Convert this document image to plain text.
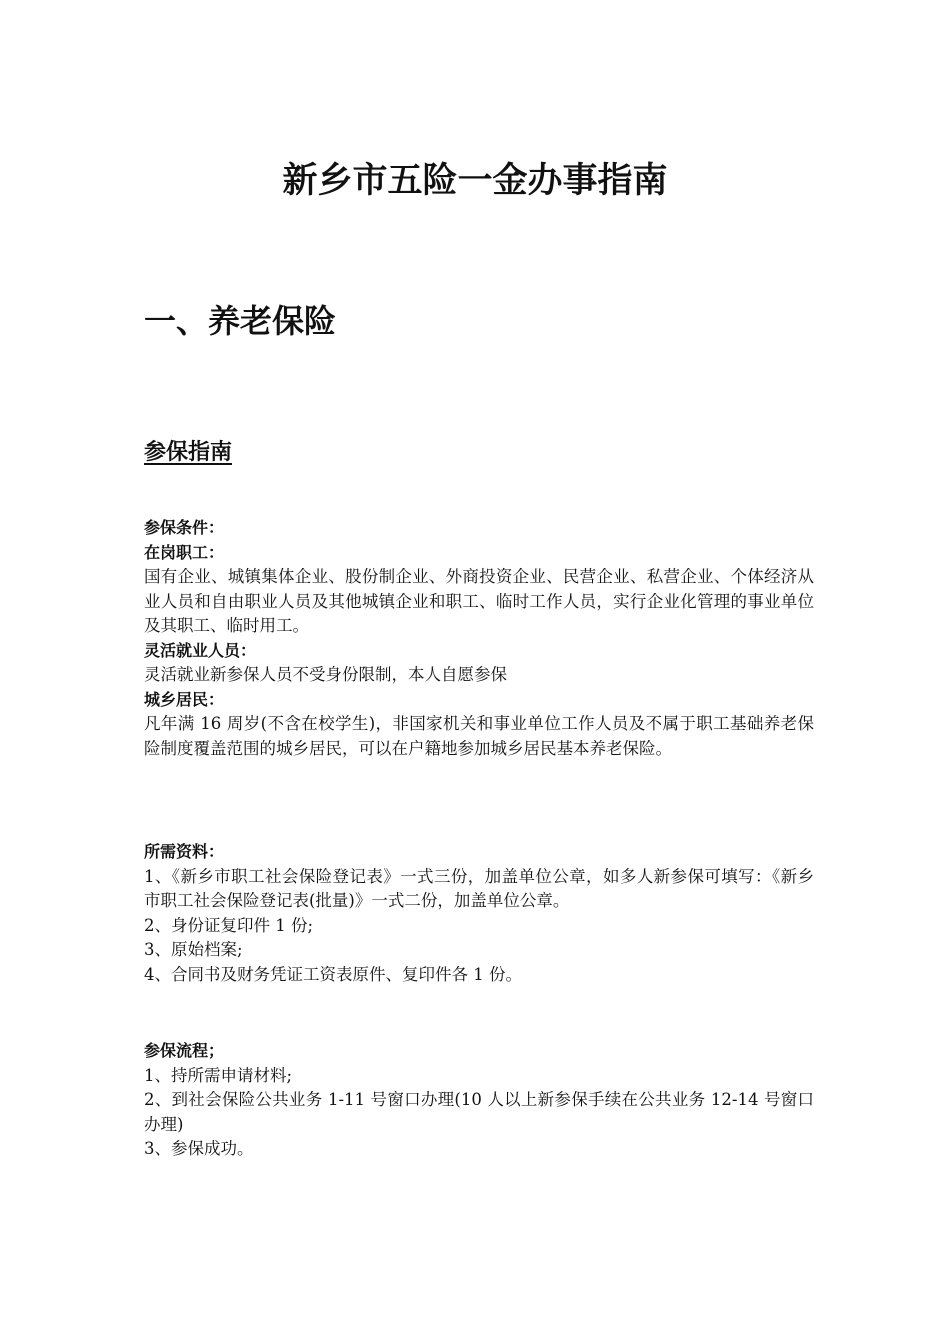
新乡市五险一金办事指南
一、养老保险
参保指南

参保条件：

在岗职工：

国有企业、城镇集体企业、股份制企业、外商投资企业、民营企业、私营企业、个体经济从业人员和自由职业人员及其他城镇企业和职工、临时工作人员，实行企业化管理的事业单位及其职工、临时用工。

灵活就业人员：

灵活就业新参保人员不受身份限制，本人自愿参保

城乡居民：

凡年满 16 周岁(不含在校学生)，非国家机关和事业单位工作人员及不属于职工基础养老保险制度覆盖范围的城乡居民，可以在户籍地参加城乡居民基本养老保险。

所需资料：

1、《新乡市职工社会保险登记表》一式三份，加盖单位公章，如多人新参保可填写：《新乡市职工社会保险登记表(批量)》一式二份，加盖单位公章。

2、身份证复印件 1 份;

3、原始档案;

4、合同书及财务凭证工资表原件、复印件各 1 份。

参保流程；

1、持所需申请材料;

2、到社会保险公共业务 1-11 号窗口办理(10 人以上新参保手续在公共业务 12-14 号窗口办理)

3、参保成功。
